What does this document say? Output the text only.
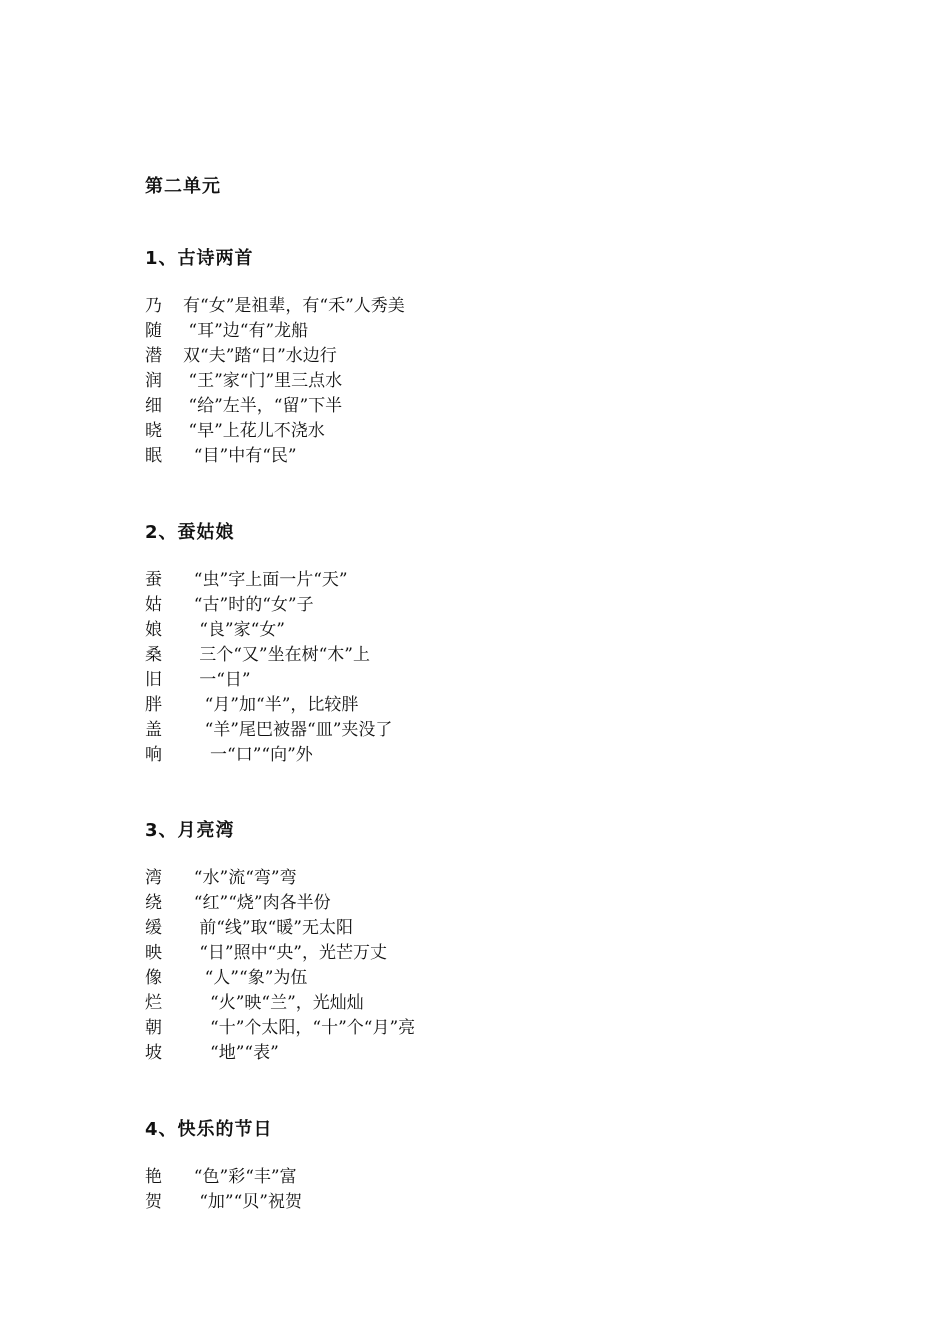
第二单元
1、古诗两首
乃 有“女”是祖辈，有“禾”人秀美
随 “耳”边“有”龙船
潜 双“夫”踏“日”水边行
润 “王”家“门”里三点水
细 “给”左半，“留”下半
晓 “早”上花儿不浇水
眠  “目”中有“民”
2、蚕姑娘
蚕  “虫”字上面一片“天”
姑  “古”时的“女”子
娘   “良”家“女”
桑   三个“又”坐在树“木”上
旧   一“日”
胖    “月”加“半”，比较胖
盖    “羊”尾巴被器“皿”夹没了
响     一“口”“向”外
3、月亮湾
湾  “水”流“弯”弯
绕  “红”“烧”肉各半份
缓   前“线”取“暖”无太阳
映   “日”照中“央”，光芒万丈
像    “人”“象”为伍
烂     “火”映“兰”，光灿灿
朝     “十”个太阳，“十”个“月”亮
坡     “地”“表”
4、快乐的节日
艳  “色”彩“丰”富
贺   “加”“贝”祝贺
